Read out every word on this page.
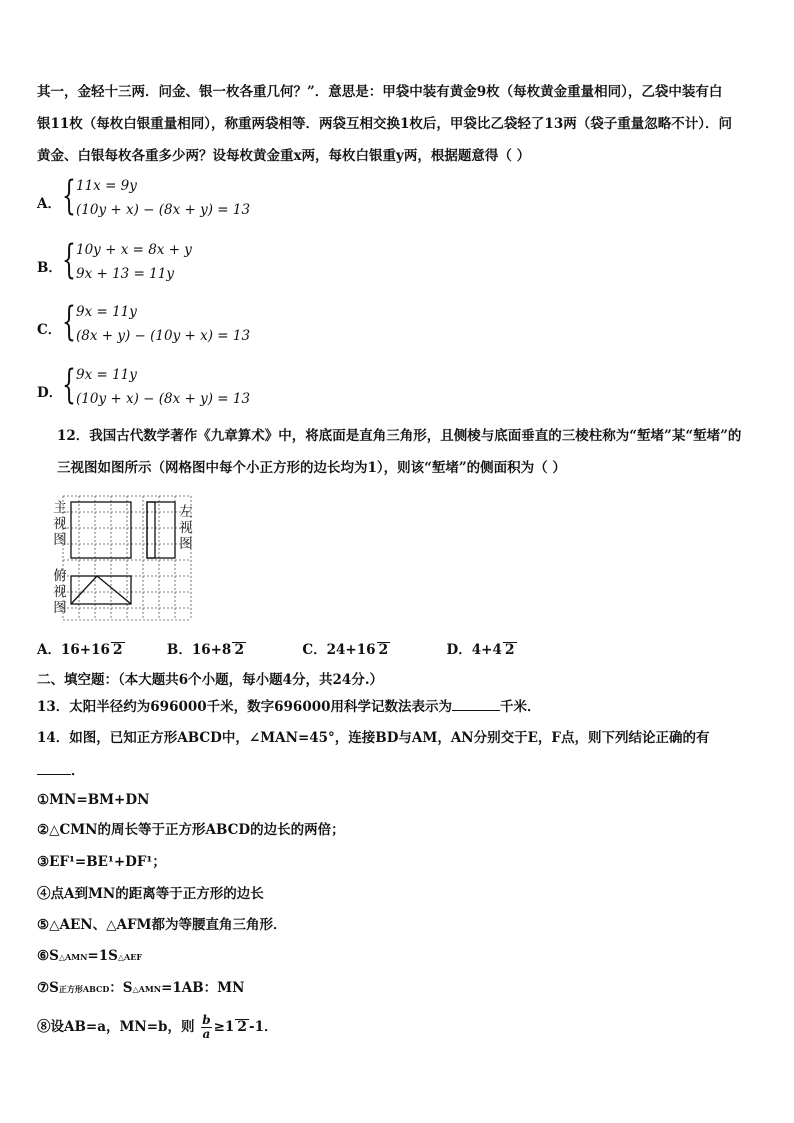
其一，金轻十三两．问金、银一枚各重几何？”．意思是：甲袋中装有黄金9枚（每枚黄金重量相同），乙袋中装有白
银11枚（每枚白银重量相同），称重两袋相等．两袋互相交换1枚后，甲袋比乙袋轻了13两（袋子重量忽略不计）．问
黄金、白银每枚各重多少两？设每枚黄金重x两，每枚白银重y两，根据题意得（ ）
A． { 11x = 9y
(10y + x) − (8x + y) = 13
B． { 10y + x = 8x + y
9x + 13 = 11y
C． { 9x = 11y
(8x + y) − (10y + x) = 13
D． { 9x = 11y
(10y + x) − (8x + y) = 13
12．我国古代数学著作《九章算术》中，将底面是直角三角形，且侧棱与底面垂直的三棱柱称为“堑堵”某“堑堵”的
三视图如图所示（网格图中每个小正方形的边长均为1），则该“堑堵”的侧面积为（ ）
主
视
图
左
视
图
俯
视
图
A．16+16 2	B．16+8 2	C．24+16 2	D．4+4 2
二、填空题：（本大题共6个小题，每小题4分，共24分.）
13．太阳半径约为696000千米，数字696000用科学记数法表示为	千米．
14．如图，已知正方形ABCD中，∠MAN=45°，连接BD与AM，AN分别交于E，F点，则下列结论正确的有
．
①MN=BM+DN
②△CMN的周长等于正方形ABCD的边长的两倍；
③EF¹=BE¹+DF¹；
④点A到MN的距离等于正方形的边长
⑤△AEN、△AFM都为等腰直角三角形．
⑥S△AMN=1S△AEF
⑦S正方形ABCD：S△AMN=1AB：MN
⑧设AB=a，MN=b，则 $\frac{b}{a} \ge 1$ 2 -1．
